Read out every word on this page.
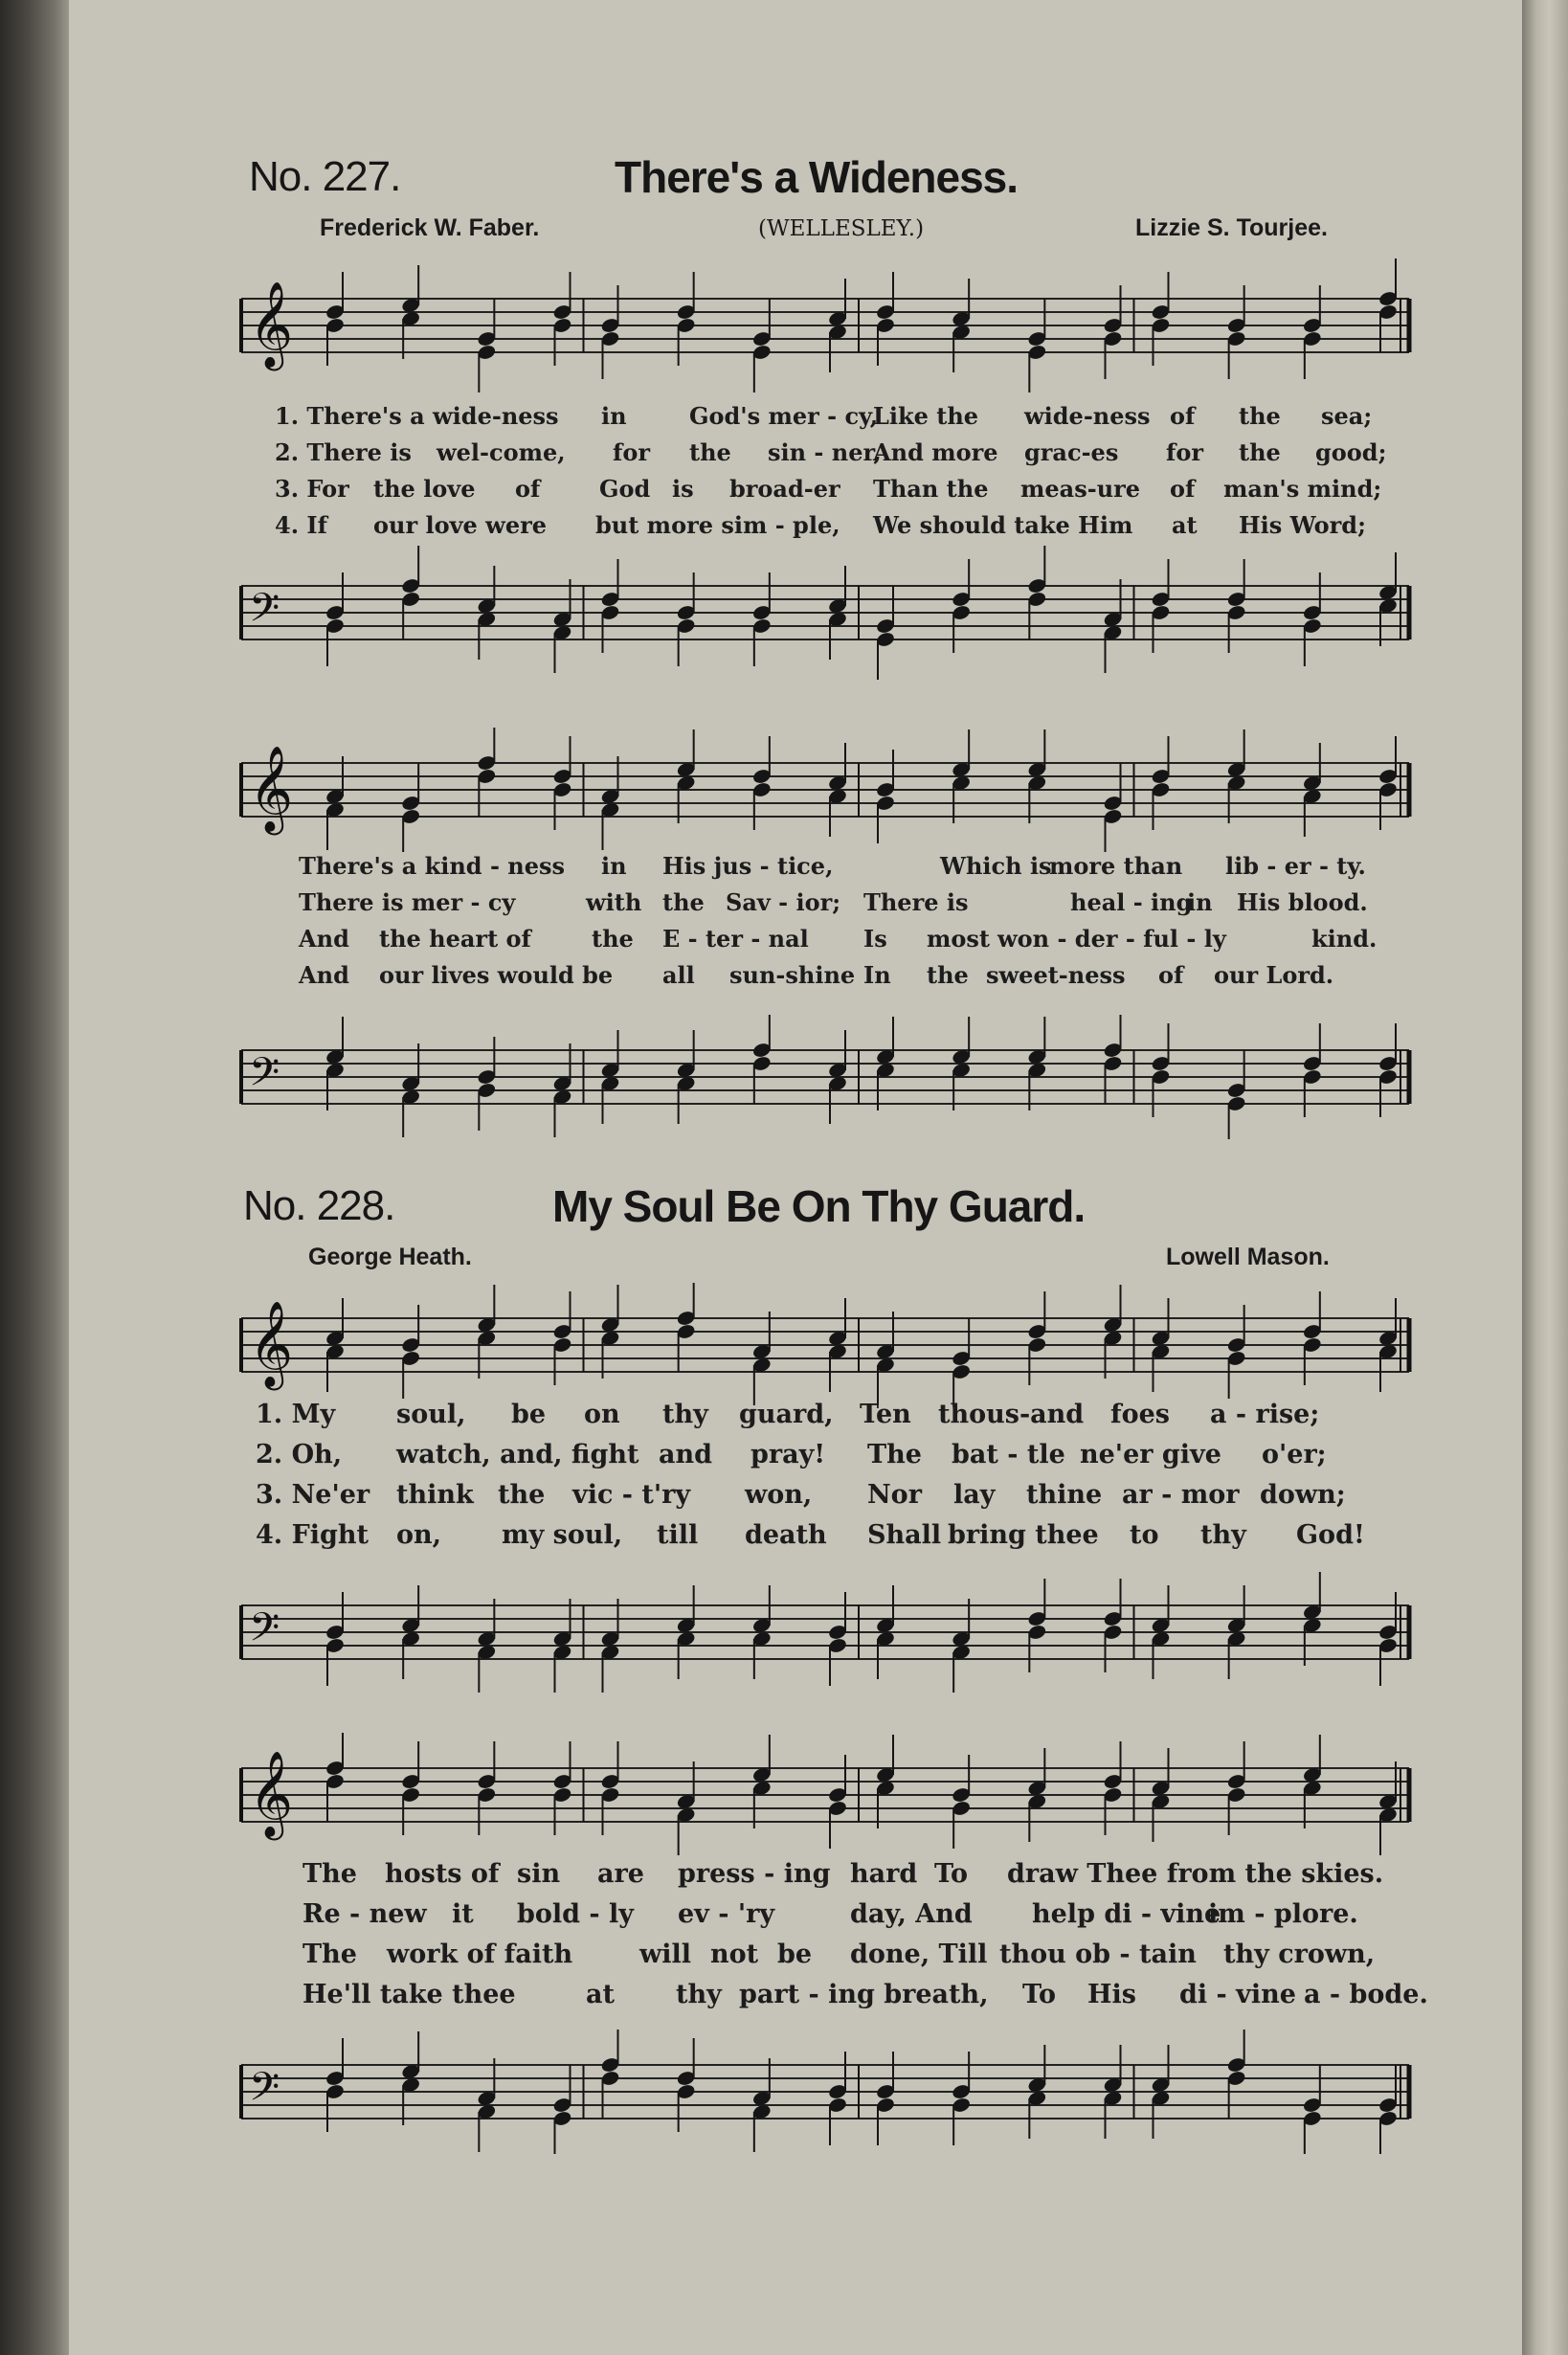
No. 227.	There's a Wideness.
Frederick W. Faber.	(WELLESLEY.)	Lizzie S. Tourjee.
𝄞
𝄢
1. There's a wide-ness in	God's mer - cy,
Like the wide-ness of the sea;
2. There is wel-come, for the sin - ner,
And more grac-es for the good;
3. For the love of	God is broad-er Than the meas-ure of man's mind;
4. If our love were but more sim - ple, We should take Him at His Word;
𝄞
𝄢
There's a kind - ness in His jus - tice,	Which is
more than lib - er - ty.
There is mer - cy	with the Sav - ior; There is	heal - ing
in His blood.
And the heart of	the E - ter - nal Is most won - der - ful - ly	kind.
And our lives would be all sun-shine In the sweet-ness of our Lord.
No. 228.	My Soul Be On Thy Guard.
George Heath.	Lowell Mason.
𝄞
𝄢
1. My soul, be on thy guard, Ten thous-and foes a - rise;
2. Oh, watch, and, fight and pray! The bat - tle ne'er give o'er;
3. Ne'er think the vic - t'ry won, Nor lay thine ar - mor down;
4. Fight on, my soul, till death Shall bring thee to thy God!
𝄞
𝄢
The hosts of sin are press - ing hard To draw Thee from the skies.
Re - new it bold - ly ev - 'ry	day, And help di - vine
im - plore.
The work of faith	will not be done, Till thou ob - tain thy crown,
He'll take thee	at thy part - ing breath, To His di - vine a - bode.
